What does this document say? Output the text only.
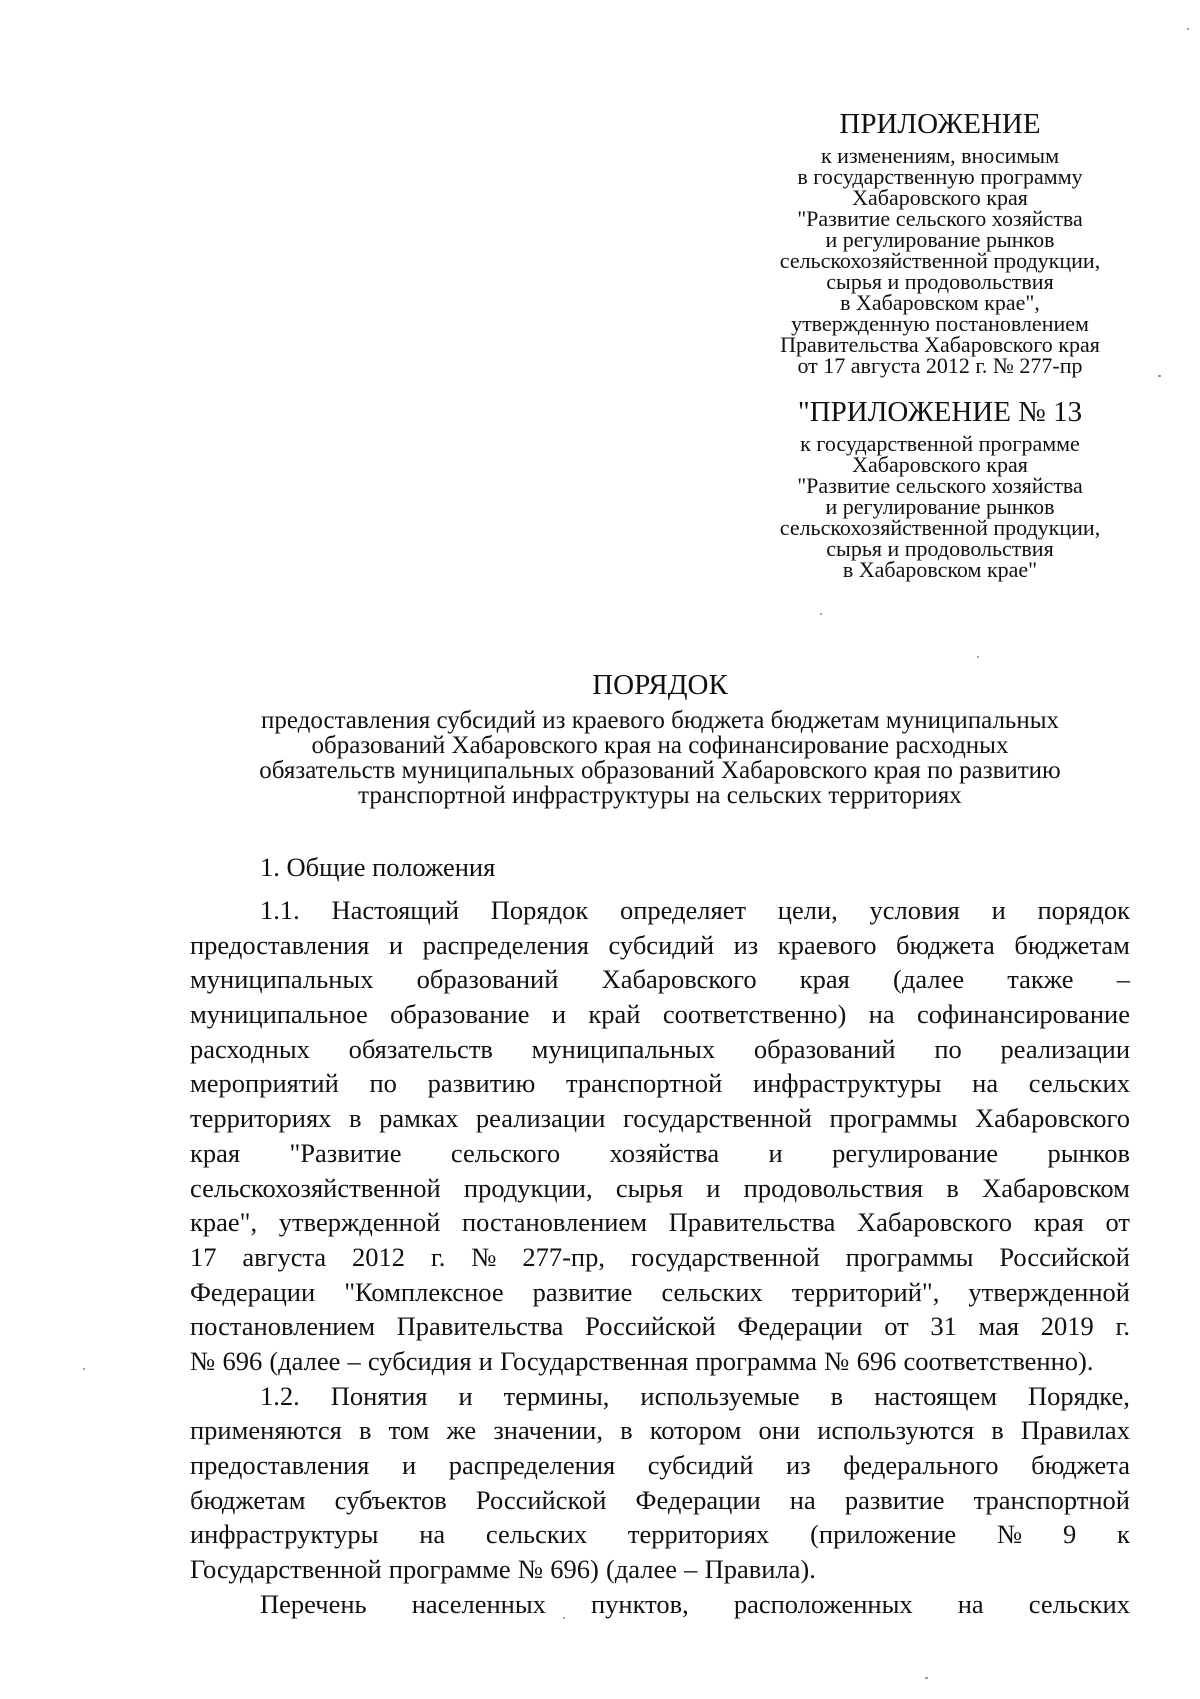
ПРИЛОЖЕНИЕ
к изменениям, вносимым
в государственную программу
Хабаровского края
"Развитие сельского хозяйства
и регулирование рынков
сельскохозяйственной продукции,
сырья и продовольствия
в Хабаровском крае",
утвержденную постановлением
Правительства Хабаровского края
от 17 августа 2012 г. № 277-пр
"ПРИЛОЖЕНИЕ № 13
к государственной программе
Хабаровского края
"Развитие сельского хозяйства
и регулирование рынков
сельскохозяйственной продукции,
сырья и продовольствия
в Хабаровском крае"
ПОРЯДОК
предоставления субсидий из краевого бюджета бюджетам муниципальных
образований Хабаровского края на софинансирование расходных
обязательств муниципальных образований Хабаровского края по развитию
транспортной инфраструктуры на сельских территориях
1. Общие положения
1.1. Настоящий Порядок определяет цели, условия и порядок
предоставления и распределения субсидий из краевого бюджета бюджетам
муниципальных образований Хабаровского края (далее также –
муниципальное образование и край соответственно) на софинансирование
расходных обязательств муниципальных образований по реализации
мероприятий по развитию транспортной инфраструктуры на сельских
территориях в рамках реализации государственной программы Хабаровского
края "Развитие сельского хозяйства и регулирование рынков
сельскохозяйственной продукции, сырья и продовольствия в Хабаровском
крае", утвержденной постановлением Правительства Хабаровского края от
17 августа 2012 г. № 277-пр, государственной программы Российской
Федерации "Комплексное развитие сельских территорий", утвержденной
постановлением Правительства Российской Федерации от 31 мая 2019 г.
№ 696 (далее – субсидия и Государственная программа № 696 соответственно).
1.2. Понятия и термины, используемые в настоящем Порядке,
применяются в том же значении, в котором они используются в Правилах
предоставления и распределения субсидий из федерального бюджета
бюджетам субъектов Российской Федерации на развитие транспортной
инфраструктуры на сельских территориях (приложение № 9 к
Государственной программе № 696) (далее – Правила).
Перечень населенных пунктов, расположенных на сельских
